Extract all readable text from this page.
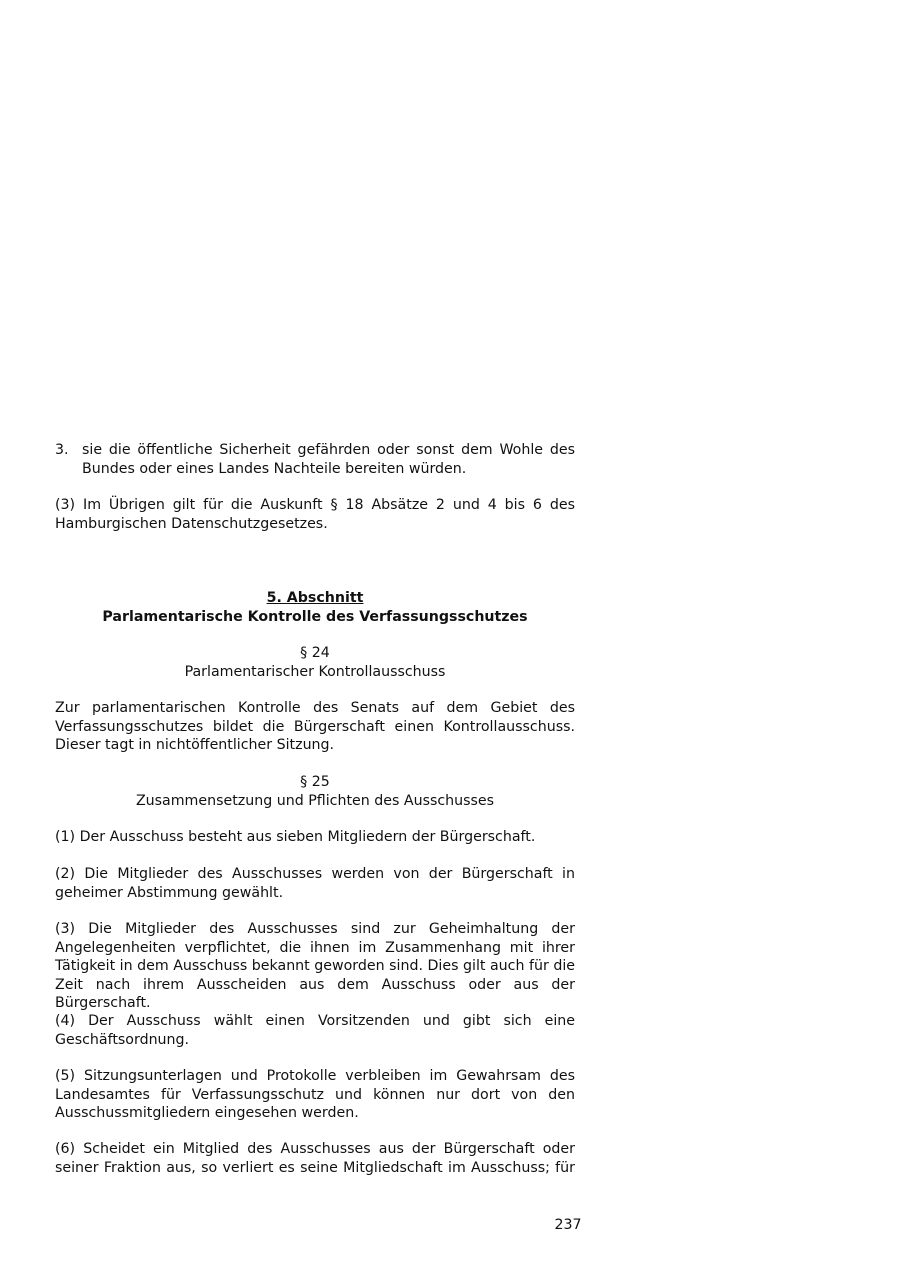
3. sie die öffentliche Sicherheit gefährden oder sonst dem Wohle des Bundes oder eines Landes Nachteile bereiten würden.

(3) Im Übrigen gilt für die Auskunft § 18 Absätze 2 und 4 bis 6 des Hamburgischen Datenschutzgesetzes.

5. Abschnitt

Parlamentarische Kontrolle des Verfassungsschutzes

§ 24

Parlamentarischer Kontrollausschuss

Zur parlamentarischen Kontrolle des Senats auf dem Gebiet des Verfassungsschutzes bildet die Bürgerschaft einen Kontrollausschuss. Dieser tagt in nichtöffentlicher Sitzung.

§ 25

Zusammensetzung und Pflichten des Ausschusses

(1) Der Ausschuss besteht aus sieben Mitgliedern der Bürgerschaft.

(2) Die Mitglieder des Ausschusses werden von der Bürgerschaft in geheimer Abstimmung gewählt.

(3) Die Mitglieder des Ausschusses sind zur Geheimhaltung der Angelegenheiten verpflichtet, die ihnen im Zusammenhang mit ihrer Tätigkeit in dem Ausschuss bekannt geworden sind. Dies gilt auch für die Zeit nach ihrem Ausscheiden aus dem Ausschuss oder aus der Bürgerschaft.

(4) Der Ausschuss wählt einen Vorsitzenden und gibt sich eine Geschäftsordnung.

(5) Sitzungsunterlagen und Protokolle verbleiben im Gewahrsam des Landesamtes für Verfassungsschutz und können nur dort von den Ausschussmitgliedern eingesehen werden.

(6) Scheidet ein Mitglied des Ausschusses aus der Bürgerschaft oder seiner Fraktion aus, so verliert es seine Mitgliedschaft im Ausschuss; für

237
